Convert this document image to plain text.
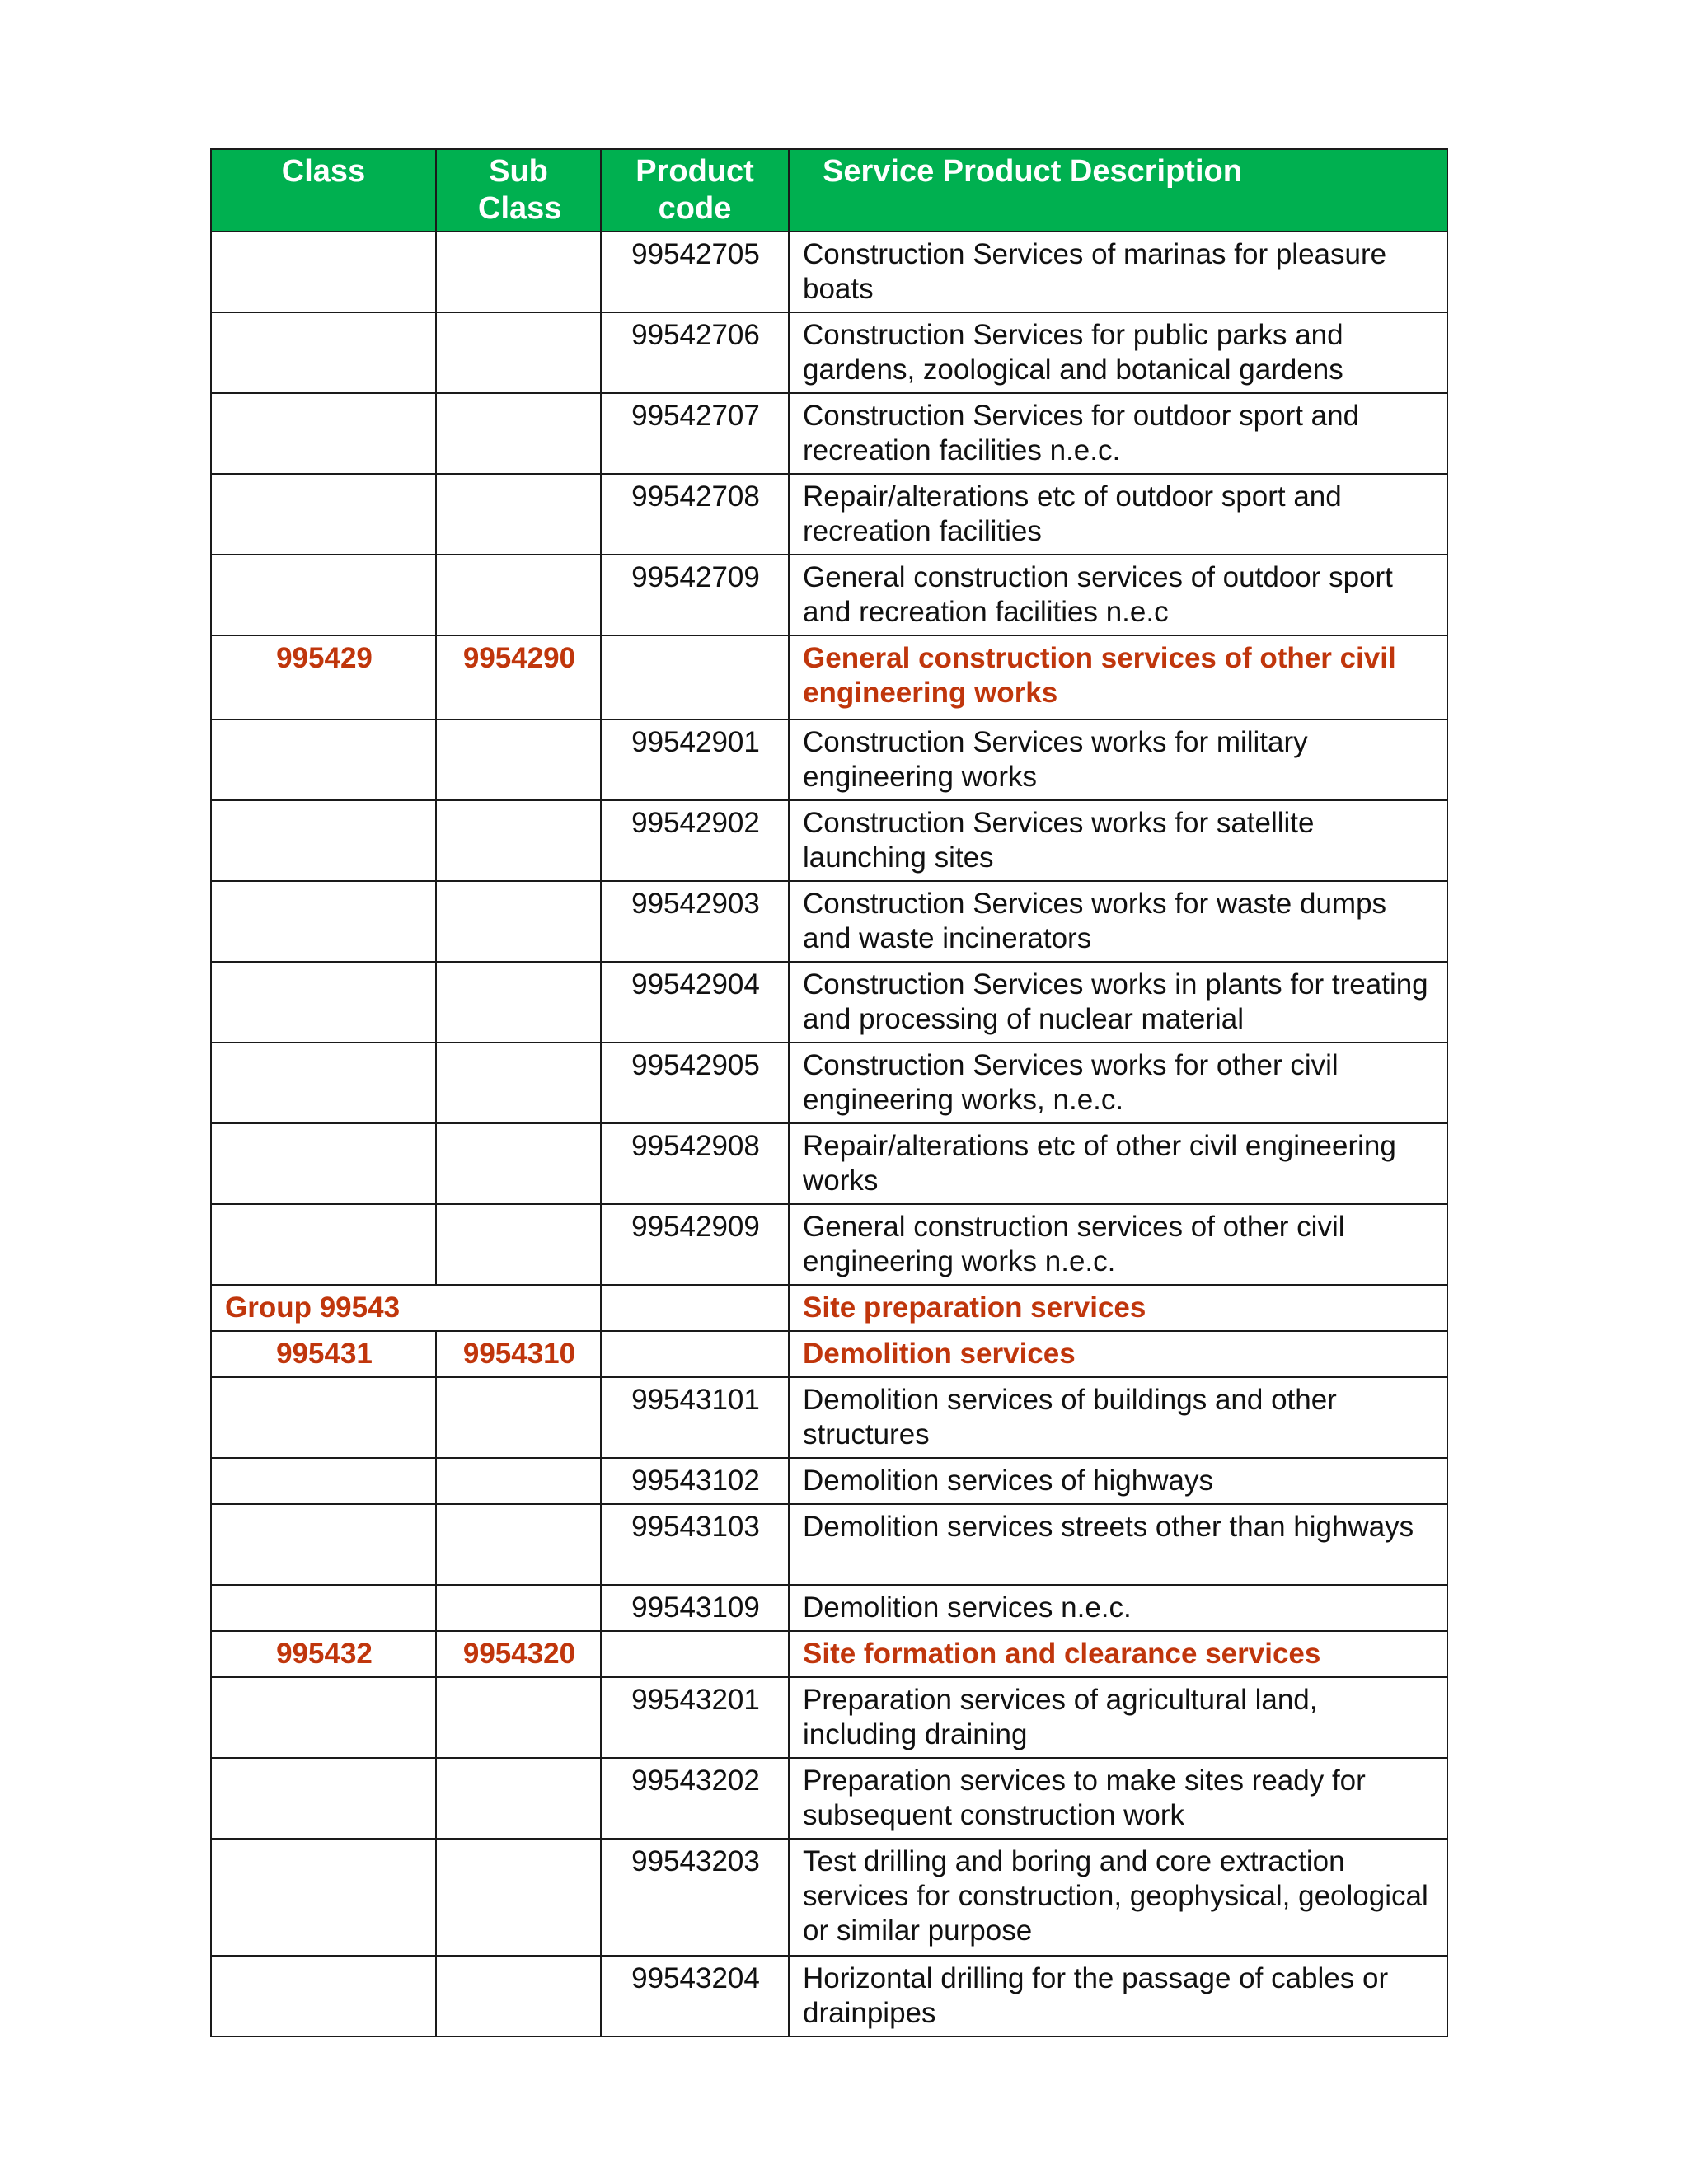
Class	Sub Class	Product code	Service Product Description
		99542705	Construction Services of marinas for pleasure boats
		99542706	Construction Services for public parks and gardens, zoological and botanical gardens
		99542707	Construction Services for outdoor sport and recreation facilities n.e.c.
		99542708	Repair/alterations etc of outdoor sport and recreation facilities
		99542709	General construction services of outdoor sport and recreation facilities n.e.c
995429	9954290		General construction services of other civil engineering works
		99542901	Construction Services works for military engineering works
		99542902	Construction Services works for satellite launching sites
		99542903	Construction Services works for waste dumps and waste incinerators
		99542904	Construction Services works in plants for treating and processing of nuclear material
		99542905	Construction Services works for other civil engineering works, n.e.c.
		99542908	Repair/alterations etc of other civil engineering works
		99542909	General construction services of other civil engineering works n.e.c.
Group 99543			Site preparation services
995431	9954310		Demolition services
		99543101	Demolition services of buildings and other structures
		99543102	Demolition services of highways
		99543103	Demolition services streets other than highways
		99543109	Demolition services n.e.c.
995432	9954320		Site formation and clearance services
		99543201	Preparation services of agricultural land, including draining
		99543202	Preparation services to make sites ready for subsequent construction work
		99543203	Test drilling and boring and core extraction services for construction, geophysical, geological or similar purpose
		99543204	Horizontal drilling for the passage of cables or drainpipes
